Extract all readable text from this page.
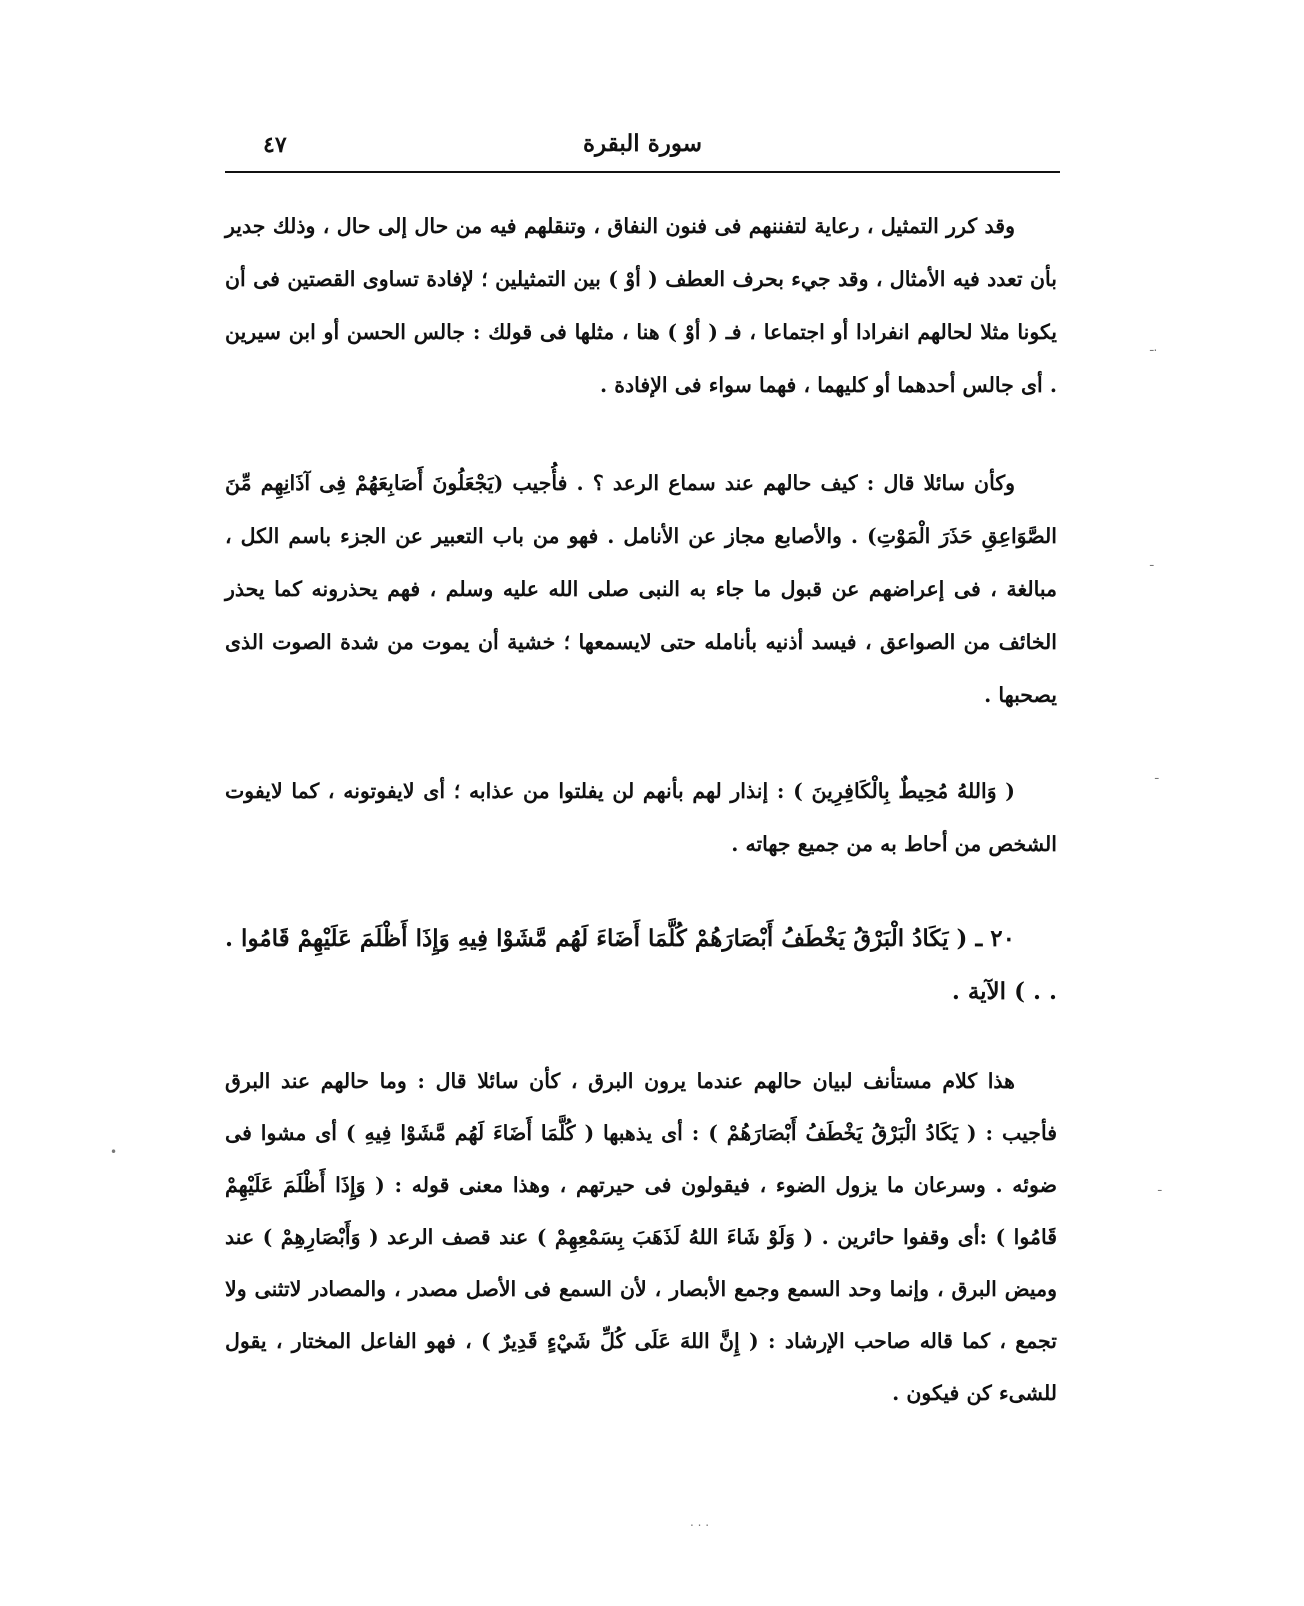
سورة البقرة
٤٧

وقد كرر التمثيل ، رعاية لتفننهم فى فنون النفاق ، وتنقلهم فيه من حال إلى حال ، وذلك جدير بأن تعدد فيه الأمثال ، وقد جيء بحرف العطف ( أوْ ) بين التمثيلين ؛ لإفادة تساوى القصتين فى أن يكونا مثلا لحالهم انفرادا أو اجتماعا ، فـ ( أوْ ) هنا ، مثلها فى قولك : جالس الحسن أو ابن سيرين . أى جالس أحدهما أو كليهما ، فهما سواء فى الإفادة .

وكأن سائلا قال : كيف حالهم عند سماع الرعد ؟ . فأُجيب (يَجْعَلُونَ أَصَابِعَهُمْ فِى آذَانِهِم مِّنَ الصَّوَاعِقِ حَذَرَ الْمَوْتِ) . والأصابع مجاز عن الأنامل . فهو من باب التعبير عن الجزء باسم الكل ، مبالغة ، فى إعراضهم عن قبول ما جاء به النبى صلى الله عليه وسلم ، فهم يحذرونه كما يحذر الخائف من الصواعق ، فيسد أذنيه بأنامله حتى لايسمعها ؛ خشية أن يموت من شدة الصوت الذى يصحبها .

( وَاللهُ مُحِيطٌ بِالْكَافِرِينَ ) : إنذار لهم بأنهم لن يفلتوا من عذابه ؛ أى لايفوتونه ، كما لايفوت الشخص من أحاط به من جميع جهاته .

٢٠ ـ ( يَكَادُ الْبَرْقُ يَخْطَفُ أَبْصَارَهُمْ كُلَّمَا أَضَاءَ لَهُم مَّشَوْا فِيهِ وَإِذَا أَظْلَمَ عَلَيْهِمْ قَامُوا . . . ) الآية .

هذا كلام مستأنف لبيان حالهم عندما يرون البرق ، كأن سائلا قال : وما حالهم عند البرق فأجيب : ( يَكَادُ الْبَرْقُ يَخْطَفُ أَبْصَارَهُمْ ) : أى يذهبها ( كُلَّمَا أَضَاءَ لَهُم مَّشَوْا فِيهِ ) أى مشوا فى ضوئه . وسرعان ما يزول الضوء ، فيقولون فى حيرتهم ، وهذا معنى قوله : ( وَإِذَا أَظْلَمَ عَلَيْهِمْ قَامُوا ) :أى وقفوا حائرين . ( وَلَوْ شَاءَ اللهُ لَذَهَبَ بِسَمْعِهِمْ ) عند قصف الرعد ( وَأَبْصَارِهِمْ ) عند وميض البرق ، وإنما وحد السمع وجمع الأبصار ، لأن السمع فى الأصل مصدر ، والمصادر لاتثنى ولا تجمع ، كما قاله صاحب الإرشاد : ( إِنَّ اللهَ عَلَى كُلِّ شَيْءٍ قَدِيرٌ ) ، فهو الفاعل المختار ، يقول للشىء كن فيكون .

ـ.
ـ
ـ
ـ
•
. . .
